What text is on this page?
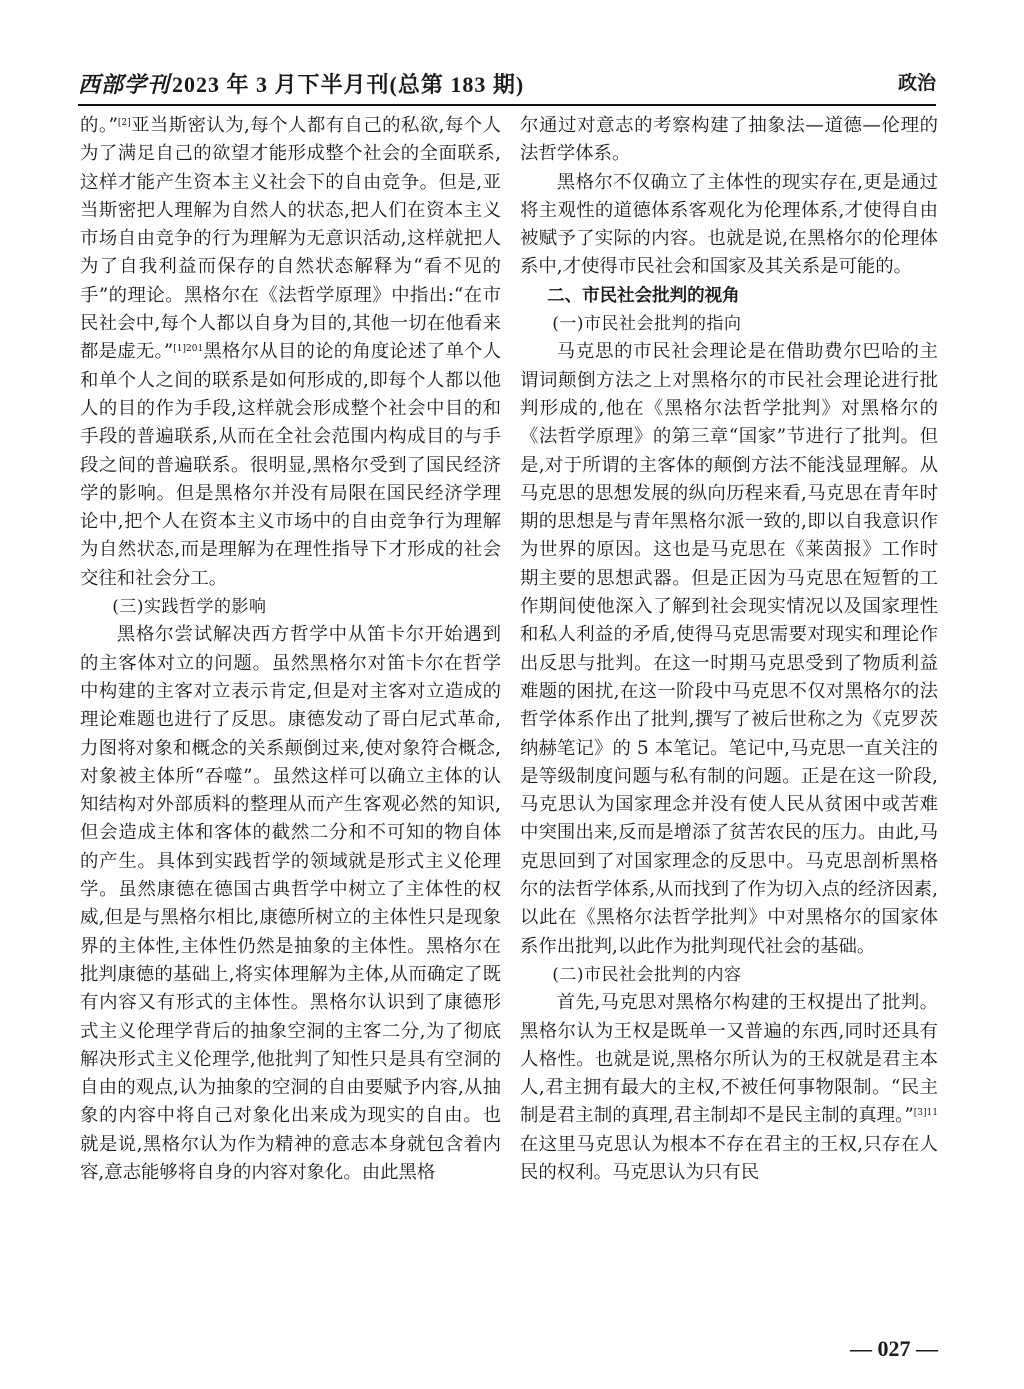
西部学刊2023 年 3 月下半月刊(总第 183 期)	政治

的。”[2]亚当斯密认为,每个人都有自己的私欲,每个人为了满足自己的欲望才能形成整个社会的全面联系,这样才能产生资本主义社会下的自由竞争。但是,亚当斯密把人理解为自然人的状态,把人们在资本主义市场自由竞争的行为理解为无意识活动,这样就把人为了自我利益而保存的自然状态解释为“看不见的手”的理论。黑格尔在《法哲学原理》中指出:“在市民社会中,每个人都以自身为目的,其他一切在他看来都是虚无。”$^{[1]201}$黑格尔从目的论的角度论述了单个人和单个人之间的联系是如何形成的,即每个人都以他人的目的作为手段,这样就会形成整个社会中目的和手段的普遍联系,从而在全社会范围内构成目的与手段之间的普遍联系。很明显,黑格尔受到了国民经济学的影响。但是黑格尔并没有局限在国民经济学理论中,把个人在资本主义市场中的自由竞争行为理解为自然状态,而是理解为在理性指导下才形成的社会交往和社会分工。

(三)实践哲学的影响

黑格尔尝试解决西方哲学中从笛卡尔开始遇到的主客体对立的问题。虽然黑格尔对笛卡尔在哲学中构建的主客对立表示肯定,但是对主客对立造成的理论难题也进行了反思。康德发动了哥白尼式革命,力图将对象和概念的关系颠倒过来,使对象符合概念,对象被主体所“吞噬”。虽然这样可以确立主体的认知结构对外部质料的整理从而产生客观必然的知识,但会造成主体和客体的截然二分和不可知的物自体的产生。具体到实践哲学的领域就是形式主义伦理学。虽然康德在德国古典哲学中树立了主体性的权威,但是与黑格尔相比,康德所树立的主体性只是现象界的主体性,主体性仍然是抽象的主体性。黑格尔在批判康德的基础上,将实体理解为主体,从而确定了既有内容又有形式的主体性。黑格尔认识到了康德形式主义伦理学背后的抽象空洞的主客二分,为了彻底解决形式主义伦理学,他批判了知性只是具有空洞的自由的观点,认为抽象的空洞的自由要赋予内容,从抽象的内容中将自己对象化出来成为现实的自由。也就是说,黑格尔认为作为精神的意志本身就包含着内容,意志能够将自身的内容对象化。由此黑格

尔通过对意志的考察构建了抽象法—道德—伦理的法哲学体系。

黑格尔不仅确立了主体性的现实存在,更是通过将主观性的道德体系客观化为伦理体系,才使得自由被赋予了实际的内容。也就是说,在黑格尔的伦理体系中,才使得市民社会和国家及其关系是可能的。

二、市民社会批判的视角

(一)市民社会批判的指向

马克思的市民社会理论是在借助费尔巴哈的主谓词颠倒方法之上对黑格尔的市民社会理论进行批判形成的,他在《黑格尔法哲学批判》对黑格尔的《法哲学原理》的第三章“国家”节进行了批判。但是,对于所谓的主客体的颠倒方法不能浅显理解。从马克思的思想发展的纵向历程来看,马克思在青年时期的思想是与青年黑格尔派一致的,即以自我意识作为世界的原因。这也是马克思在《莱茵报》工作时期主要的思想武器。但是正因为马克思在短暂的工作期间使他深入了解到社会现实情况以及国家理性和私人利益的矛盾,使得马克思需要对现实和理论作出反思与批判。在这一时期马克思受到了物质利益难题的困扰,在这一阶段中马克思不仅对黑格尔的法哲学体系作出了批判,撰写了被后世称之为《克罗茨纳赫笔记》的 5 本笔记。笔记中,马克思一直关注的是等级制度问题与私有制的问题。正是在这一阶段,马克思认为国家理念并没有使人民从贫困中或苦难中突围出来,反而是增添了贫苦农民的压力。由此,马克思回到了对国家理念的反思中。马克思剖析黑格尔的法哲学体系,从而找到了作为切入点的经济因素,以此在《黑格尔法哲学批判》中对黑格尔的国家体系作出批判,以此作为批判现代社会的基础。

(二)市民社会批判的内容

首先,马克思对黑格尔构建的王权提出了批判。黑格尔认为王权是既单一又普遍的东西,同时还具有人格性。也就是说,黑格尔所认为的王权就是君主本人,君主拥有最大的主权,不被任何事物限制。“民主制是君主制的真理,君主制却不是民主制的真理。”$^{[3]11}$在这里马克思认为根本不存在君主的王权,只存在人民的权利。马克思认为只有民

— 027 —
